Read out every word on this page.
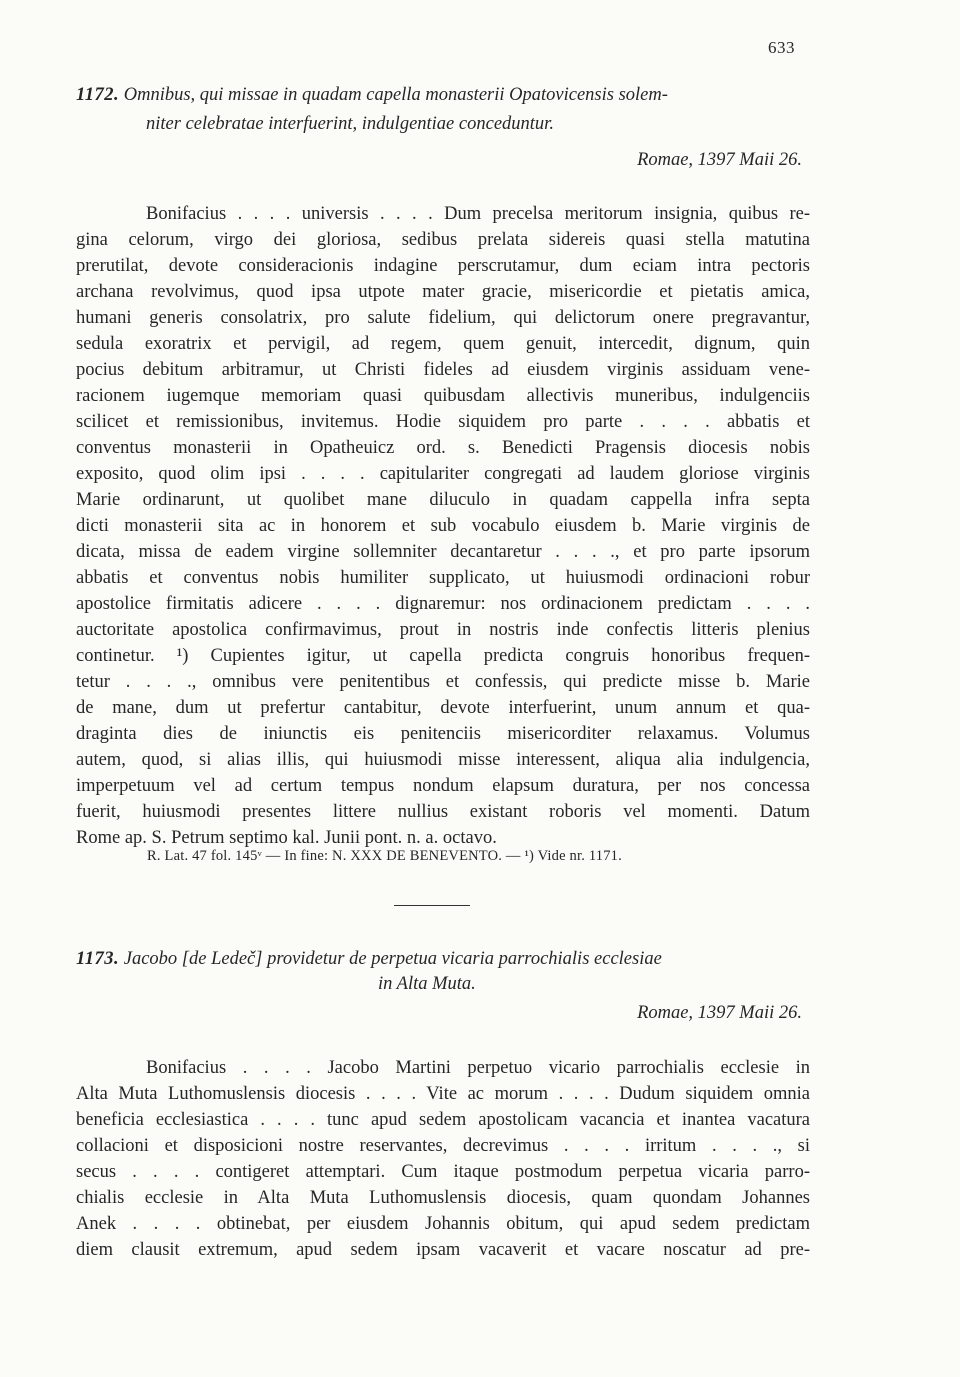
633
1172. Omnibus, qui missae in quadam capella monasterii Opatovicensis solem-
niter celebratae interfuerint, indulgentiae conceduntur.
Romae, 1397 Maii 26.
Bonifacius . . . . universis . . . . Dum precelsa meritorum insignia, quibus re-
gina celorum, virgo dei gloriosa, sedibus prelata sidereis quasi stella matutina
prerutilat, devote consideracionis indagine perscrutamur, dum eciam intra pectoris
archana revolvimus, quod ipsa utpote mater gracie, misericordie et pietatis amica,
humani generis consolatrix, pro salute fidelium, qui delictorum onere pregravantur,
sedula exoratrix et pervigil, ad regem, quem genuit, intercedit, dignum, quin
pocius debitum arbitramur, ut Christi fideles ad eiusdem virginis assiduam vene-
racionem iugemque memoriam quasi quibusdam allectivis muneribus, indulgenciis
scilicet et remissionibus, invitemus. Hodie siquidem pro parte . . . . abbatis et
conventus monasterii in Opatheuicz ord. s. Benedicti Pragensis diocesis nobis
exposito, quod olim ipsi . . . . capitulariter congregati ad laudem gloriose virginis
Marie ordinarunt, ut quolibet mane diluculo in quadam cappella infra septa
dicti monasterii sita ac in honorem et sub vocabulo eiusdem b. Marie virginis de
dicata, missa de eadem virgine sollemniter decantaretur . . . ., et pro parte ipsorum
abbatis et conventus nobis humiliter supplicato, ut huiusmodi ordinacioni robur
apostolice firmitatis adicere . . . . dignaremur: nos ordinacionem predictam . . . .
auctoritate apostolica confirmavimus, prout in nostris inde confectis litteris plenius
continetur. ¹) Cupientes igitur, ut capella predicta congruis honoribus frequen-
tetur . . . ., omnibus vere penitentibus et confessis, qui predicte misse b. Marie
de mane, dum ut prefertur cantabitur, devote interfuerint, unum annum et qua-
draginta dies de iniunctis eis penitenciis misericorditer relaxamus. Volumus
autem, quod, si alias illis, qui huiusmodi misse interessent, aliqua alia indulgencia,
imperpetuum vel ad certum tempus nondum elapsum duratura, per nos concessa
fuerit, huiusmodi presentes littere nullius existant roboris vel momenti. Datum
Rome ap. S. Petrum septimo kal. Junii pont. n. a. octavo.
R. Lat. 47 fol. 145ᵛ — In fine: N. XXX DE BENEVENTO. — ¹) Vide nr. 1171.
1173. Jacobo [de Ledeč] providetur de perpetua vicaria parrochialis ecclesiae
in Alta Muta.
Romae, 1397 Maii 26.
Bonifacius . . . . Jacobo Martini perpetuo vicario parrochialis ecclesie in
Alta Muta Luthomuslensis diocesis . . . . Vite ac morum . . . . Dudum siquidem omnia
beneficia ecclesiastica . . . . tunc apud sedem apostolicam vacancia et inantea vacatura
collacioni et disposicioni nostre reservantes, decrevimus . . . . irritum . . . ., si
secus . . . . contigeret attemptari. Cum itaque postmodum perpetua vicaria parro-
chialis ecclesie in Alta Muta Luthomuslensis diocesis, quam quondam Johannes
Anek . . . . obtinebat, per eiusdem Johannis obitum, qui apud sedem predictam
diem clausit extremum, apud sedem ipsam vacaverit et vacare noscatur ad pre-
